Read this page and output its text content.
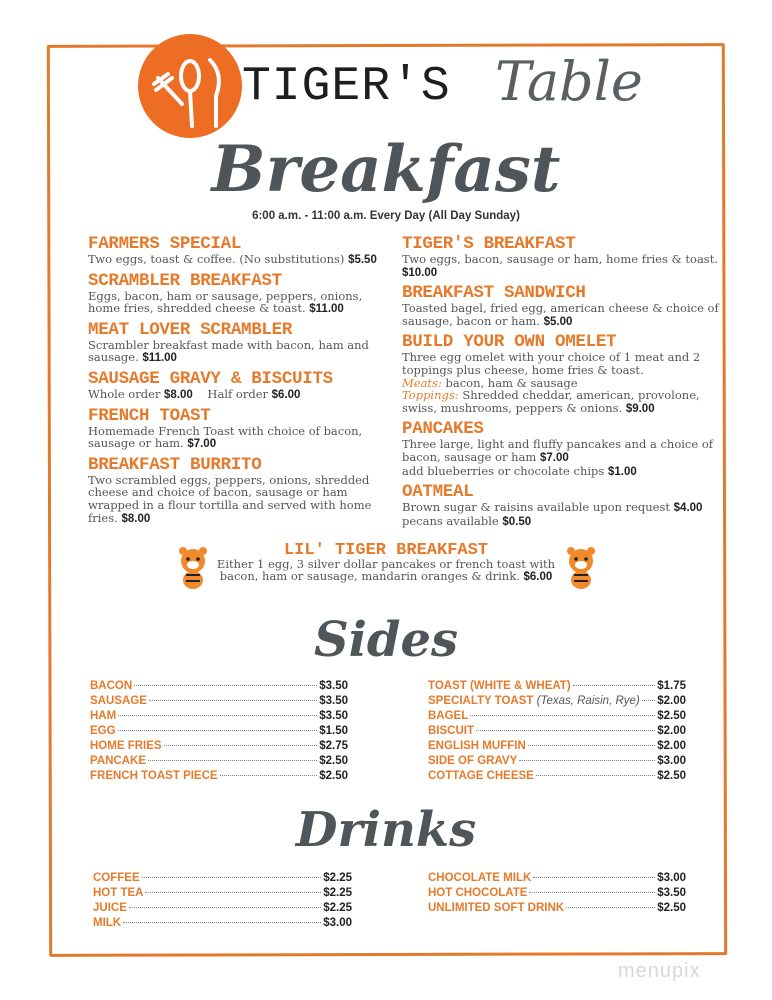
TIGER'S Table
Breakfast
6:00 a.m. - 11:00 a.m. Every Day (All Day Sunday)
FARMERS SPECIAL
Two eggs, toast & coffee. (No substitutions) $5.50
SCRAMBLER BREAKFAST
Eggs, bacon, ham or sausage, peppers, onions, home fries, shredded cheese & toast. $11.00
MEAT LOVER SCRAMBLER
Scrambler breakfast made with bacon, ham and sausage. $11.00
SAUSAGE GRAVY & BISCUITS
Whole order $8.00    Half order $6.00
FRENCH TOAST
Homemade French Toast with choice of bacon, sausage or ham. $7.00
BREAKFAST BURRITO
Two scrambled eggs, peppers, onions, shredded cheese and choice of bacon, sausage or ham wrapped in a flour tortilla and served with home fries. $8.00
TIGER'S BREAKFAST
Two eggs, bacon, sausage or ham, home fries & toast. $10.00
BREAKFAST SANDWICH
Toasted bagel, fried egg, american cheese & choice of sausage, bacon or ham. $5.00
BUILD YOUR OWN OMELET
Three egg omelet with your choice of 1 meat and 2 toppings plus cheese, home fries & toast.
Meats: bacon, ham & sausage
Toppings: Shredded cheddar, american, provolone, swiss, mushrooms, peppers & onions. $9.00
PANCAKES
Three large, light and fluffy pancakes and a choice of bacon, sausage or ham $7.00
add blueberries or chocolate chips $1.00
OATMEAL
Brown sugar & raisins available upon request $4.00
pecans available $0.50
LIL' TIGER BREAKFAST
Either 1 egg, 3 silver dollar pancakes or french toast with
bacon, ham or sausage, mandarin oranges & drink. $6.00
Sides
BACON	$3.50
SAUSAGE	$3.50
HAM	$3.50
EGG	$1.50
HOME FRIES	$2.75
PANCAKE	$2.50
FRENCH TOAST PIECE	$2.50
TOAST (WHITE & WHEAT)	$1.75
SPECIALTY TOAST (Texas, Raisin, Rye) $2.00
BAGEL	$2.50
BISCUIT	$2.00
ENGLISH MUFFIN	$2.00
SIDE OF GRAVY	$3.00
COTTAGE CHEESE	$2.50
Drinks
COFFEE	$2.25
HOT TEA	$2.25
JUICE	$2.25
MILK	$3.00
CHOCOLATE MILK	$3.00
HOT CHOCOLATE	$3.50
UNLIMITED SOFT DRINK	$2.50
menupix
